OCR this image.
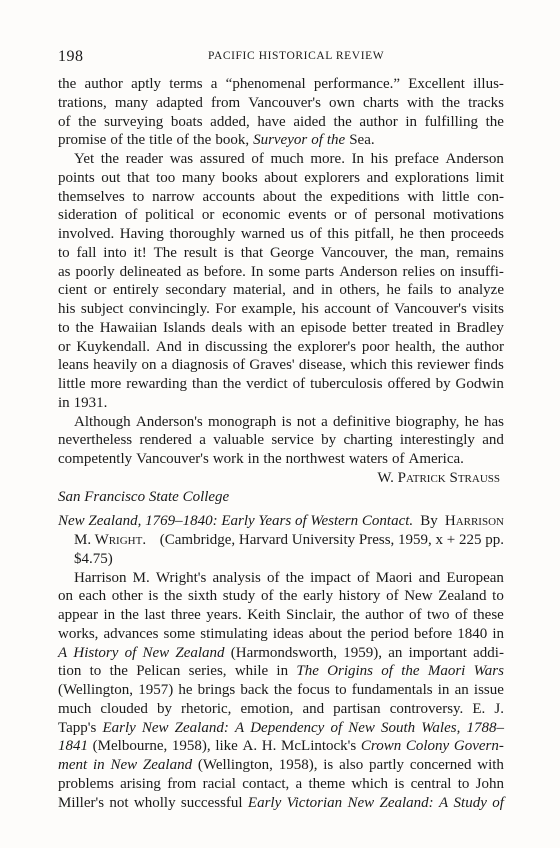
198	PACIFIC HISTORICAL REVIEW
the author aptly terms a “phenomenal performance.” Excellent illus-
trations, many adapted from Vancouver's own charts with the tracks
of the surveying boats added, have aided the author in fulfilling the
promise of the title of the book, Surveyor of the Sea.
Yet the reader was assured of much more. In his preface Anderson
points out that too many books about explorers and explorations limit
themselves to narrow accounts about the expeditions with little con-
sideration of political or economic events or of personal motivations
involved. Having thoroughly warned us of this pitfall, he then proceeds
to fall into it! The result is that George Vancouver, the man, remains
as poorly delineated as before. In some parts Anderson relies on insuffi-
cient or entirely secondary material, and in others, he fails to analyze
his subject convincingly. For example, his account of Vancouver's visits
to the Hawaiian Islands deals with an episode better treated in Bradley
or Kuykendall. And in discussing the explorer's poor health, the author
leans heavily on a diagnosis of Graves' disease, which this reviewer finds
little more rewarding than the verdict of tuberculosis offered by Godwin
in 1931.
Although Anderson's monograph is not a definitive biography, he has
nevertheless rendered a valuable service by charting interestingly and
competently Vancouver's work in the northwest waters of America.
W. Patrick Strauss
San Francisco State College
New Zealand, 1769–1840: Early Years of Western Contact. By Harrison
M. Wright. (Cambridge, Harvard University Press, 1959, x + 225 pp.
$4.75)
Harrison M. Wright's analysis of the impact of Maori and European
on each other is the sixth study of the early history of New Zealand to
appear in the last three years. Keith Sinclair, the author of two of these
works, advances some stimulating ideas about the period before 1840 in
A History of New Zealand (Harmondsworth, 1959), an important addi-
tion to the Pelican series, while in The Origins of the Maori Wars
(Wellington, 1957) he brings back the focus to fundamentals in an issue
much clouded by rhetoric, emotion, and partisan controversy. E. J.
Tapp's Early New Zealand: A Dependency of New South Wales, 1788–
1841 (Melbourne, 1958), like A. H. McLintock's Crown Colony Govern-
ment in New Zealand (Wellington, 1958), is also partly concerned with
problems arising from racial contact, a theme which is central to John
Miller's not wholly successful Early Victorian New Zealand: A Study of
